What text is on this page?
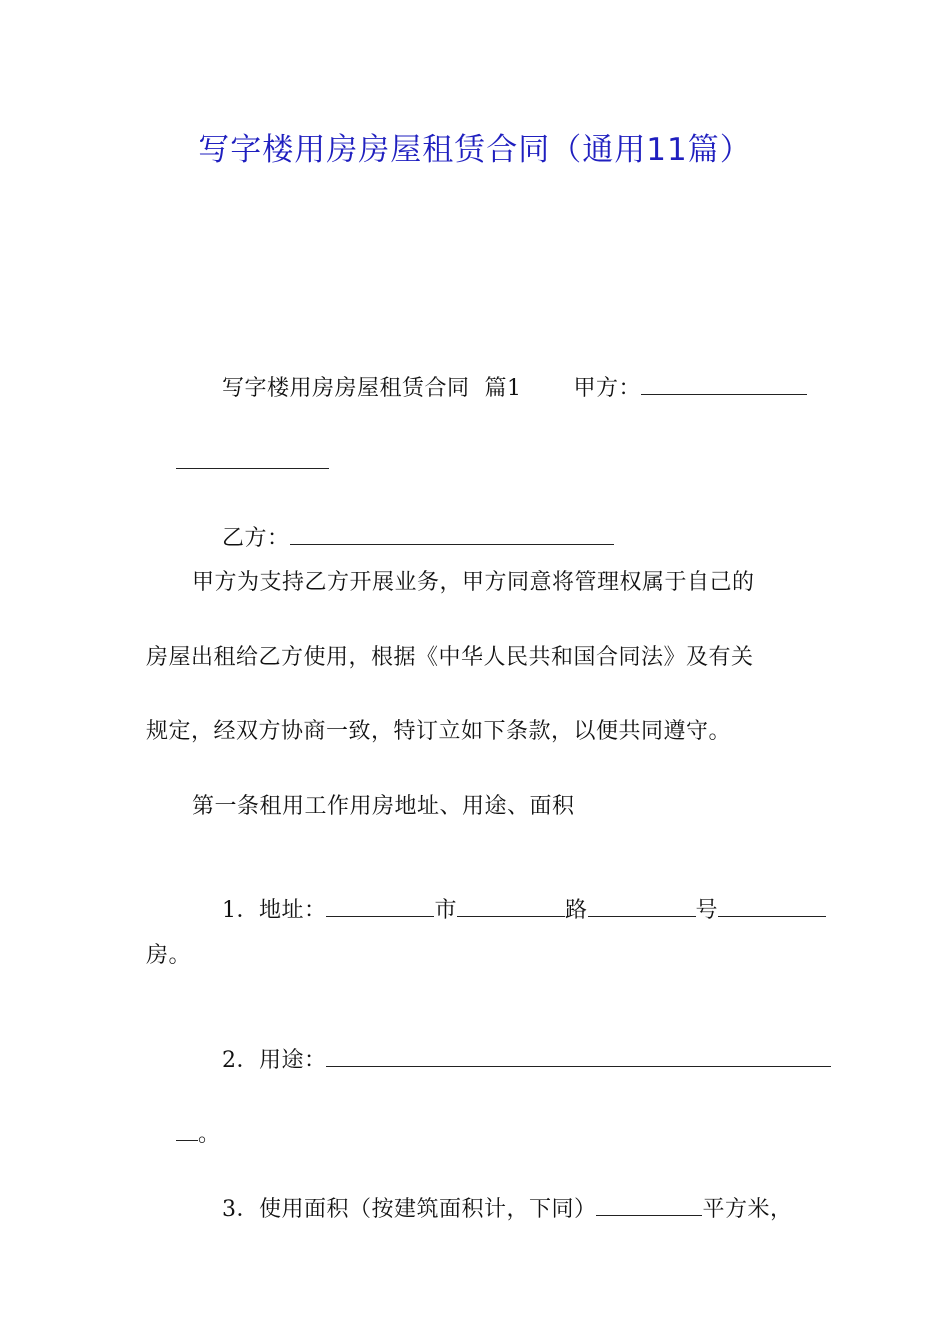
写字楼用房房屋租赁合同（通用11篇）

写字楼用房房屋租赁合同  篇1 甲方：

乙方：

甲方为支持乙方开展业务，甲方同意将管理权属于自己的
房屋出租给乙方使用，根据《中华人民共和国合同法》及有关
规定，经双方协商一致，特订立如下条款，以便共同遵守。
第一条租用工作用房地址、用途、面积

1．地址：	市	路	号

房。

2．用途：

。

3．使用面积（按建筑面积计，下同）	平方米，
